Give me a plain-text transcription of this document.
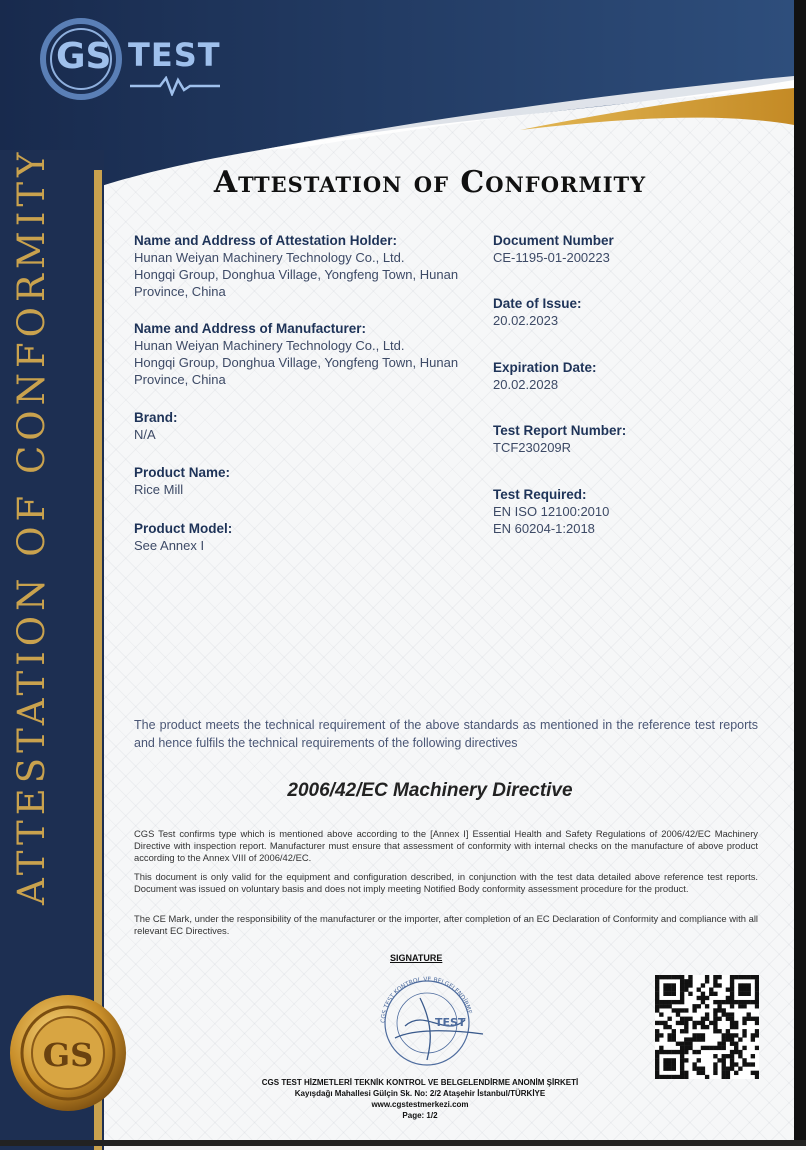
GS TEST
ATTESTATION OF CONFORMITY
GS
Attestation of Conformity
Name and Address of Attestation Holder:
Hunan Weiyan Machinery Technology Co., Ltd.
Hongqi Group, Donghua Village, Yongfeng Town, Hunan
Province, China
Name and Address of Manufacturer:
Hunan Weiyan Machinery Technology Co., Ltd.
Hongqi Group, Donghua Village, Yongfeng Town, Hunan
Province, China
Brand:
N/A
Product Name:
Rice Mill
Product Model:
See Annex I
Document Number
CE-1195-01-200223
Date of Issue:
20.02.2023
Expiration Date:
20.02.2028
Test Report Number:
TCF230209R
Test Required:
EN ISO 12100:2010
EN 60204-1:2018
The product meets the technical requirement of the above standards as mentioned in the reference test reports and hence fulfils the technical requirements of the following directives
2006/42/EC Machinery Directive
CGS Test confirms type which is mentioned above according to the [Annex I] Essential Health and Safety Regulations of 2006/42/EC Machinery Directive with inspection report. Manufacturer must ensure that assessment of conformity with internal checks on the manufacture of above product according to the Annex VIII of 2006/42/EC.
This document is only valid for the equipment and configuration described, in conjunction with the test data detailed above reference test reports. Document was issued on voluntary basis and does not imply meeting Notified Body conformity assessment procedure for the product.
The CE Mark, under the responsibility of the manufacturer or the importer, after completion of an EC Declaration of Conformity and compliance with all relevant EC Directives.
SIGNATURE
CGS TEST KONTROL VE BELGELENDİRME
TEST
CGS TEST HİZMETLERİ TEKNİK KONTROL VE BELGELENDİRME ANONİM ŞİRKETİ
Kayışdağı Mahallesi Gülçin Sk. No: 2/2 Ataşehir İstanbul/TÜRKİYE
www.cgstestmerkezi.com
Page: 1/2
